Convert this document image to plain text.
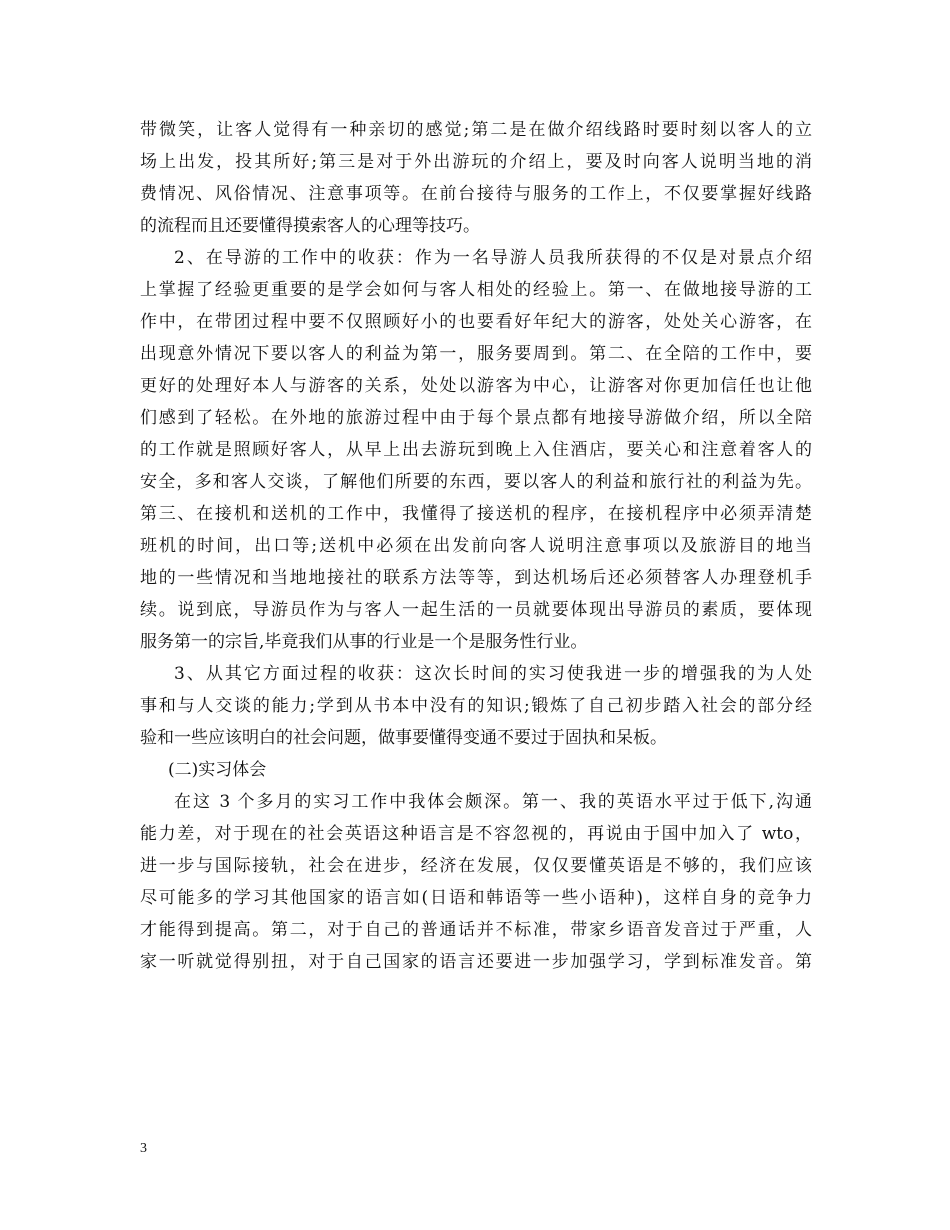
带微笑，让客人觉得有一种亲切的感觉;第二是在做介绍线路时要时刻以客人的立
场上出发，投其所好;第三是对于外出游玩的介绍上，要及时向客人说明当地的消
费情况、风俗情况、注意事项等。在前台接待与服务的工作上，不仅要掌握好线路
的流程而且还要懂得摸索客人的心理等技巧。
2、在导游的工作中的收获：作为一名导游人员我所获得的不仅是对景点介绍
上掌握了经验更重要的是学会如何与客人相处的经验上。第一、在做地接导游的工
作中，在带团过程中要不仅照顾好小的也要看好年纪大的游客，处处关心游客，在
出现意外情况下要以客人的利益为第一，服务要周到。第二、在全陪的工作中，要
更好的处理好本人与游客的关系，处处以游客为中心，让游客对你更加信任也让他
们感到了轻松。在外地的旅游过程中由于每个景点都有地接导游做介绍，所以全陪
的工作就是照顾好客人，从早上出去游玩到晚上入住酒店，要关心和注意着客人的
安全，多和客人交谈，了解他们所要的东西，要以客人的利益和旅行社的利益为先。
第三、在接机和送机的工作中，我懂得了接送机的程序，在接机程序中必须弄清楚
班机的时间，出口等;送机中必须在出发前向客人说明注意事项以及旅游目的地当
地的一些情况和当地地接社的联系方法等等，到达机场后还必须替客人办理登机手
续。说到底，导游员作为与客人一起生活的一员就要体现出导游员的素质，要体现
服务第一的宗旨,毕竟我们从事的行业是一个是服务性行业。
3、从其它方面过程的收获：这次长时间的实习使我进一步的增强我的为人处
事和与人交谈的能力;学到从书本中没有的知识;锻炼了自己初步踏入社会的部分经
验和一些应该明白的社会问题，做事要懂得变通不要过于固执和呆板。
(二)实习体会
在这 3 个多月的实习工作中我体会颇深。第一、我的英语水平过于低下,沟通
能力差，对于现在的社会英语这种语言是不容忽视的，再说由于国中加入了 wto，
进一步与国际接轨，社会在进步，经济在发展，仅仅要懂英语是不够的，我们应该
尽可能多的学习其他国家的语言如(日语和韩语等一些小语种)，这样自身的竞争力
才能得到提高。第二，对于自己的普通话并不标准，带家乡语音发音过于严重，人
家一听就觉得别扭，对于自己国家的语言还要进一步加强学习，学到标准发音。第
3
